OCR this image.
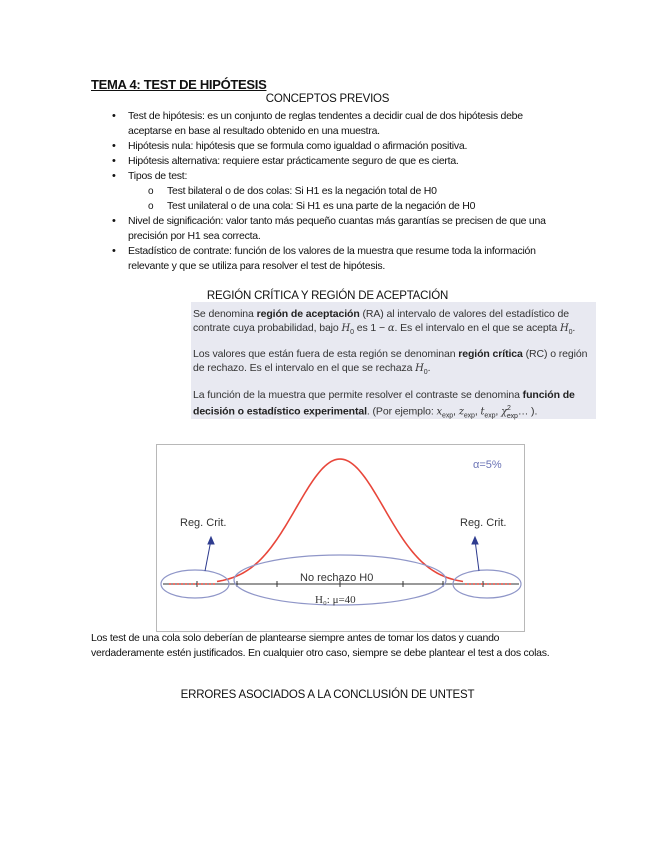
TEMA 4: TEST DE HIPÓTESIS

CONCEPTOS PREVIOS

• Test de hipótesis: es un conjunto de reglas tendentes a decidir cual de dos hipótesis debe aceptarse en base al resultado obtenido en una muestra.
• Hipótesis nula: hipótesis que se formula como igualdad o afirmación positiva.
• Hipótesis alternativa: requiere estar prácticamente seguro de que es cierta.
• Tipos de test:
o Test bilateral o de dos colas: Si H1 es la negación total de H0
o Test unilateral o de una cola: Si H1 es una parte de la negación de H0
• Nivel de significación: valor tanto más pequeño cuantas más garantías se precisen de que una precisión por H1 sea correcta.
• Estadístico de contrate: función de los valores de la muestra que resume toda la información relevante y que se utiliza para resolver el test de hipótesis.

REGIÓN CRÍTICA Y REGIÓN DE ACEPTACIÓN

Se denomina región de aceptación (RA) al intervalo de valores del estadístico de contrate cuya probabilidad, bajo $H_0$ es 1 − α. Es el intervalo en el que se acepta $H_0$.

Los valores que están fuera de esta región se denominan región crítica (RC) o región de rechazo. Es el intervalo en el que se rechaza $H_0$.

La función de la muestra que permite resolver el contraste se denomina función de decisión o estadístico experimental. (Por ejemplo: $x_{exp}$, $z_{exp}$, $t_{exp}$, $\chi^2_{exp}\dots$ ).

α=5%
Reg. Crit.	Reg. Crit.
No rechazo H0
H₀: μ=40

Los test de una cola solo deberían de plantearse siempre antes de tomar los datos y cuando verdaderamente estén justificados. En cualquier otro caso, siempre se debe plantear el test a dos colas.

ERRORES ASOCIADOS A LA CONCLUSIÓN DE UNTEST
